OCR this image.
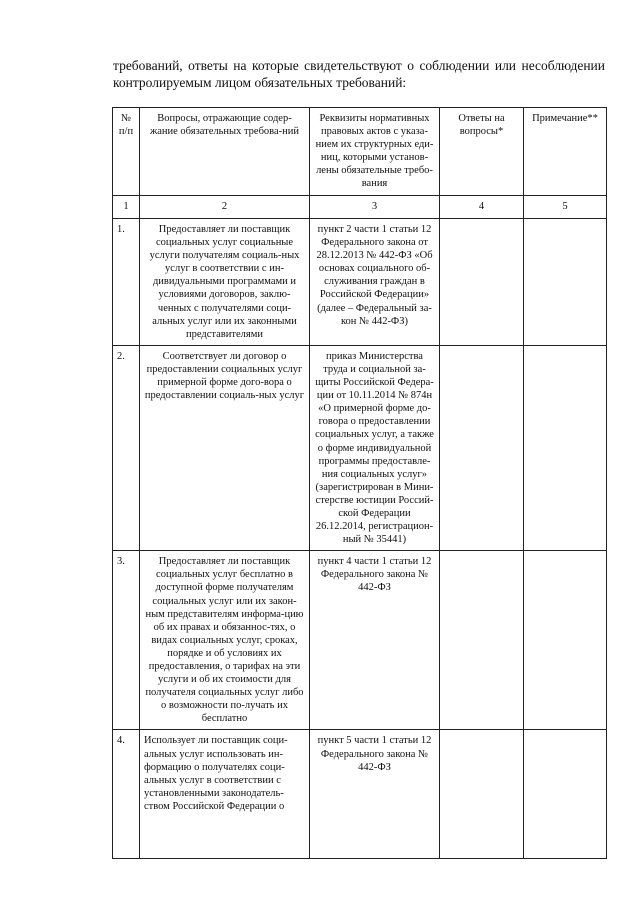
требований, ответы на которые свидетельствуют о соблюдении или несоблюдении контролируемым лицом обязательных требований:

№ п/п	Вопросы, отражающие содер-жание обязательных требова-ний	Реквизиты нормативных правовых актов с указа-нием их структурных еди-ниц, которыми установ-лены обязательные требо-вания	Ответы на вопросы*	Примечание**
1	2	3	4	5
1.	Предоставляет ли поставщик социальных услуг социальные услуги получателям социаль-ных услуг в соответствии с ин-дивидуальными программами и условиями договоров, заклю-ченных с получателями соци-альных услуг или их законными представителями	пункт 2 части 1 статьи 12 Федерального закона от 28.12.2013 № 442-ФЗ «Об основах социального об-служивания граждан в Российской Федерации» (далее – Федеральный за-кон № 442-ФЗ)		
2.	Соответствует ли договор о предоставлении социальных услуг примерной форме дого-вора о предоставлении социаль-ных услуг	приказ Министерства труда и социальной за-щиты Российской Федера-ции от 10.11.2014 № 874н «О примерной форме до-говора о предоставлении социальных услуг, а также о форме индивидуальной программы предоставле-ния социальных услуг» (зарегистрирован в Мини-стерстве юстиции Россий-ской Федерации 26.12.2014, регистрацион-ный № 35441)		
3.	Предоставляет ли поставщик социальных услуг бесплатно в доступной форме получателям социальных услуг или их закон-ным представителям информа-цию об их правах и обязаннос-тях, о видах социальных услуг, сроках, порядке и об условиях их предоставления, о тарифах на эти услуги и об их стоимости для получателя социальных услуг либо о возможности по-лучать их бесплатно	пункт 4 части 1 статьи 12 Федерального закона № 442-ФЗ		
4.	Использует ли поставщик соци-альных услуг использовать ин-формацию о получателях соци-альных услуг в соответствии с установленными законодатель-ством Российской Федерации о	пункт 5 части 1 статьи 12 Федерального закона № 442-ФЗ		
